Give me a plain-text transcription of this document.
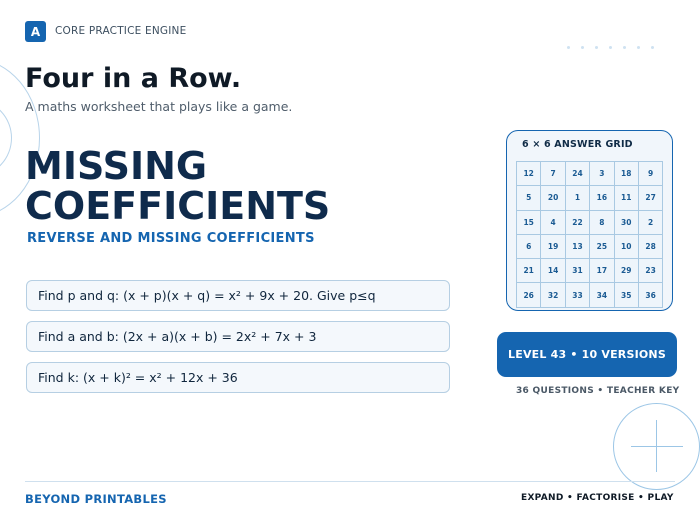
A	CORE PRACTICE ENGINE
Four in a Row.

A maths worksheet that plays like a game.

MISSING
COEFFICIENTS
REVERSE AND MISSING COEFFICIENTS
Find p and q: (x + p)(x + q) = x² + 9x + 20. Give p≤q
Find a and b: (2x + a)(x + b) = 2x² + 7x + 3
Find k: (x + k)² = x² + 12x + 36
6 × 6 ANSWER GRID
12	7	24	3	18	9
5	20	1	16	11	27
15	4	22	8	30	2
6	19	13	25	10	28
21	14	31	17	29	23
26	32	33	34	35	36
LEVEL 43 • 10 VERSIONS
36 QUESTIONS • TEACHER KEY
BEYOND PRINTABLES	EXPAND • FACTORISE • PLAY
